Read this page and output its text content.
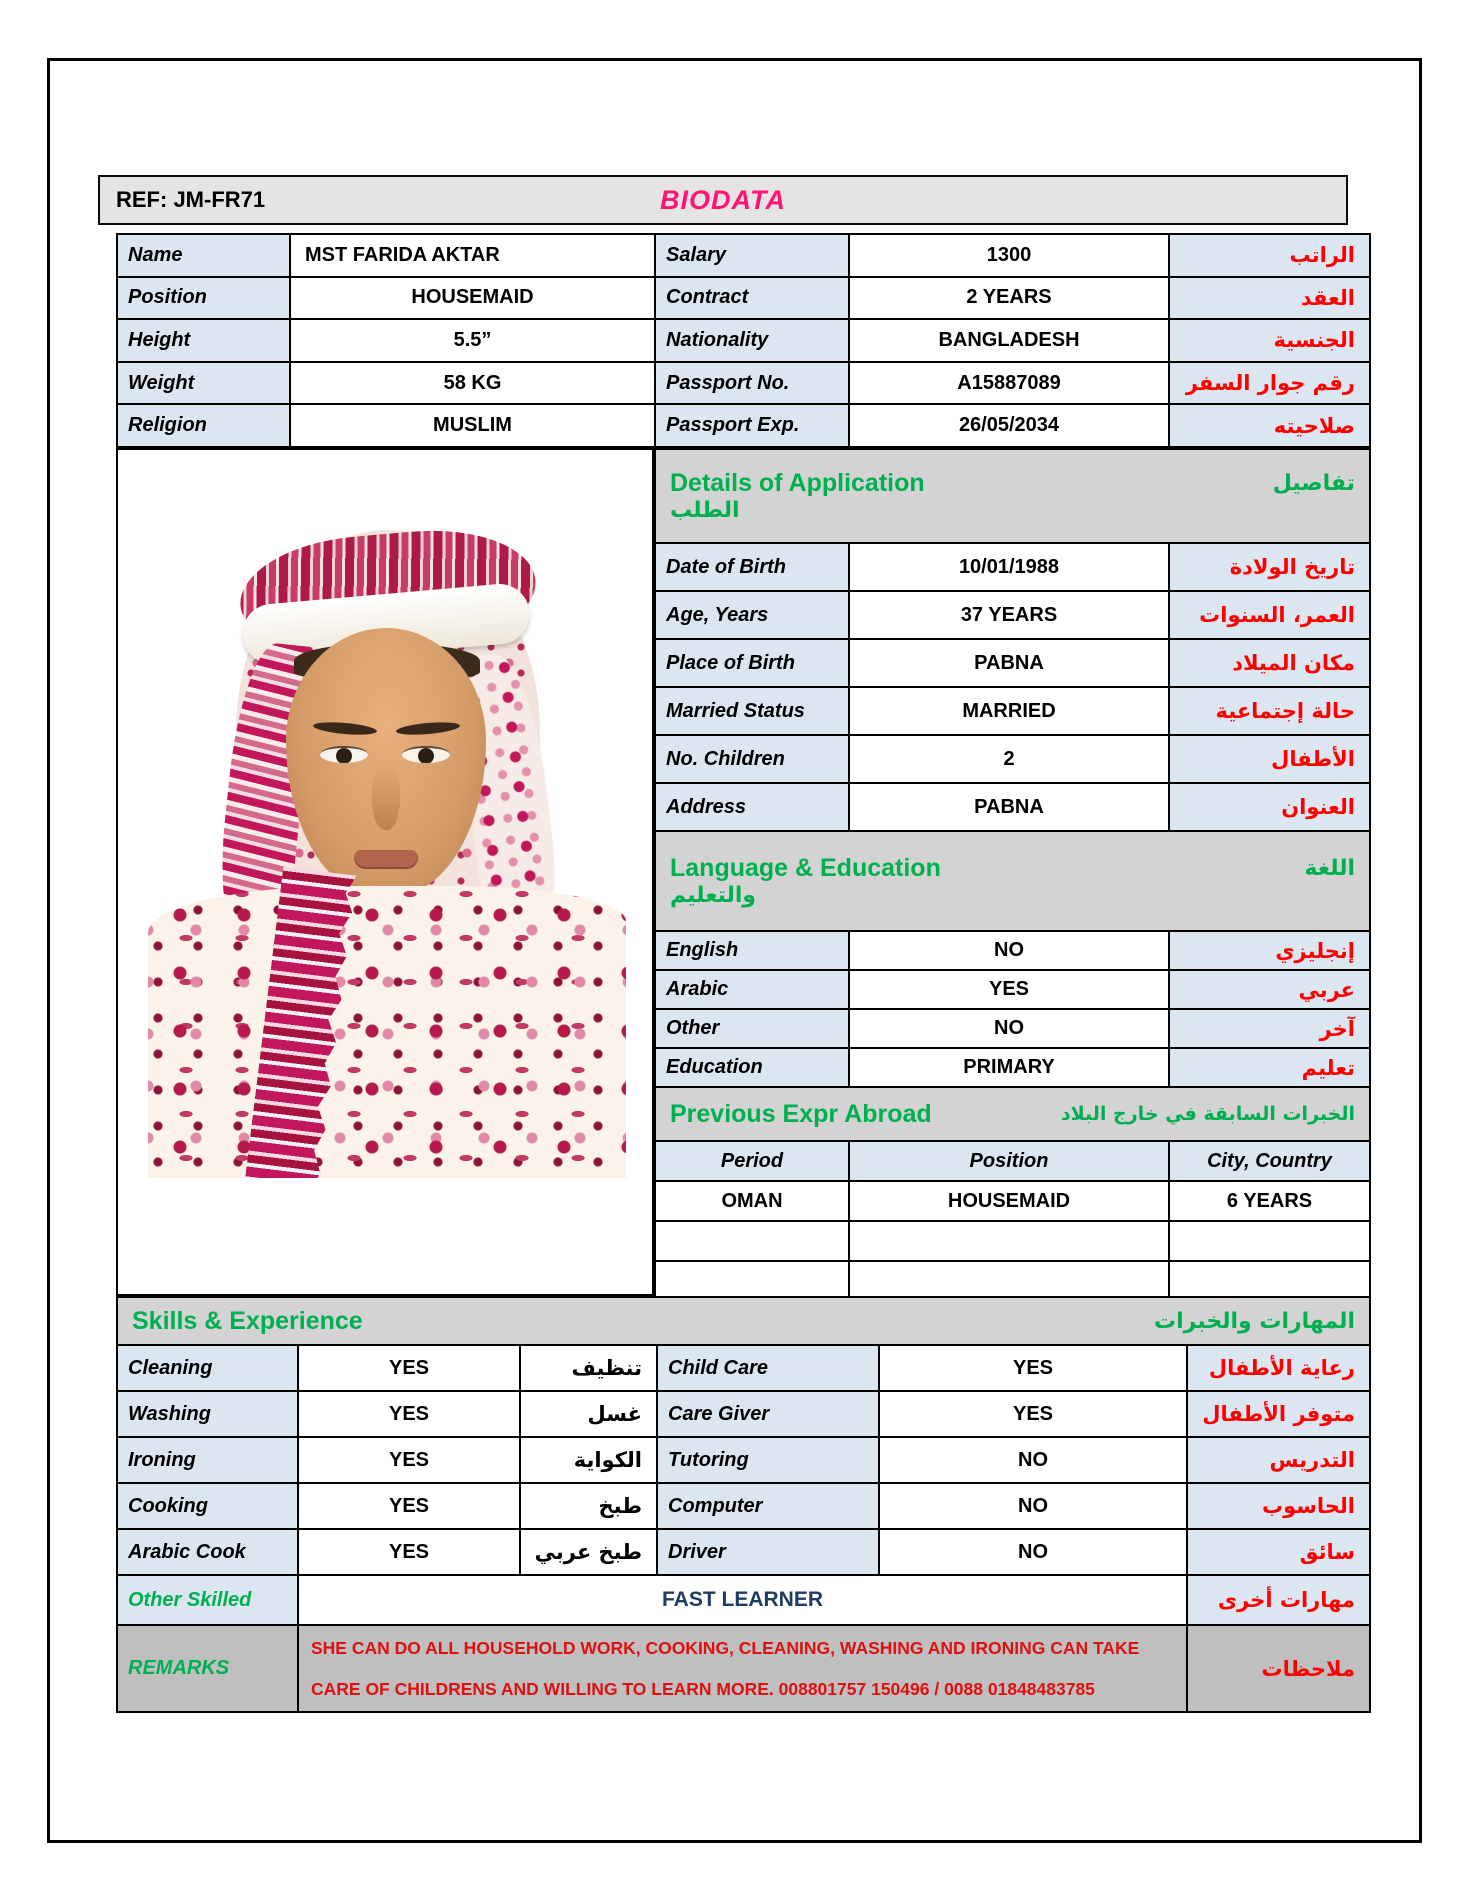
BIODATA
REF: JM-FR71
Name	MST FARIDA AKTAR	Salary	1300	الراتب
Position	HOUSEMAID	Contract	2 YEARS	العقد
Height	5.5”	Nationality	BANGLADESH	الجنسية
Weight	58 KG	Passport No.	A15887089	رقم جوار السفر
Religion	MUSLIM	Passport Exp.	26/05/2034	صلاحيته
Details of Application	تفاصيل
الطلب
Date of Birth	10/01/1988	تاريخ الولادة
Age, Years	37 YEARS	العمر، السنوات
Place of Birth	PABNA	مكان الميلاد
Married Status	MARRIED	حالة إجتماعية
No. Children	2	الأطفال
Address	PABNA	العنوان
Language & Education	اللغة
والتعليم
English	NO	إنجليزي
Arabic	YES	عربي
Other	NO	آخر
Education	PRIMARY	تعليم
Previous Expr Abroad	الخبرات السابقة في خارج البلاد
Period	Position	City, Country
OMAN	HOUSEMAID	6 YEARS
Skills & Experience	المهارات والخبرات
Cleaning	YES	تنظيف	Child Care	YES	رعاية الأطفال
Washing	YES	غسل	Care Giver	YES	متوفر الأطفال
Ironing	YES	الكواية	Tutoring	NO	التدريس
Cooking	YES	طبخ	Computer	NO	الحاسوب
Arabic Cook	YES	طبخ عربي	Driver	NO	سائق
Other Skilled	FAST LEARNER	مهارات أخرى
REMARKS
SHE CAN DO ALL HOUSEHOLD WORK, COOKING, CLEANING, WASHING AND IRONING CAN TAKE
CARE OF CHILDRENS AND WILLING TO LEARN MORE. 008801757 150496 / 0088 01848483785
ملاحظات
